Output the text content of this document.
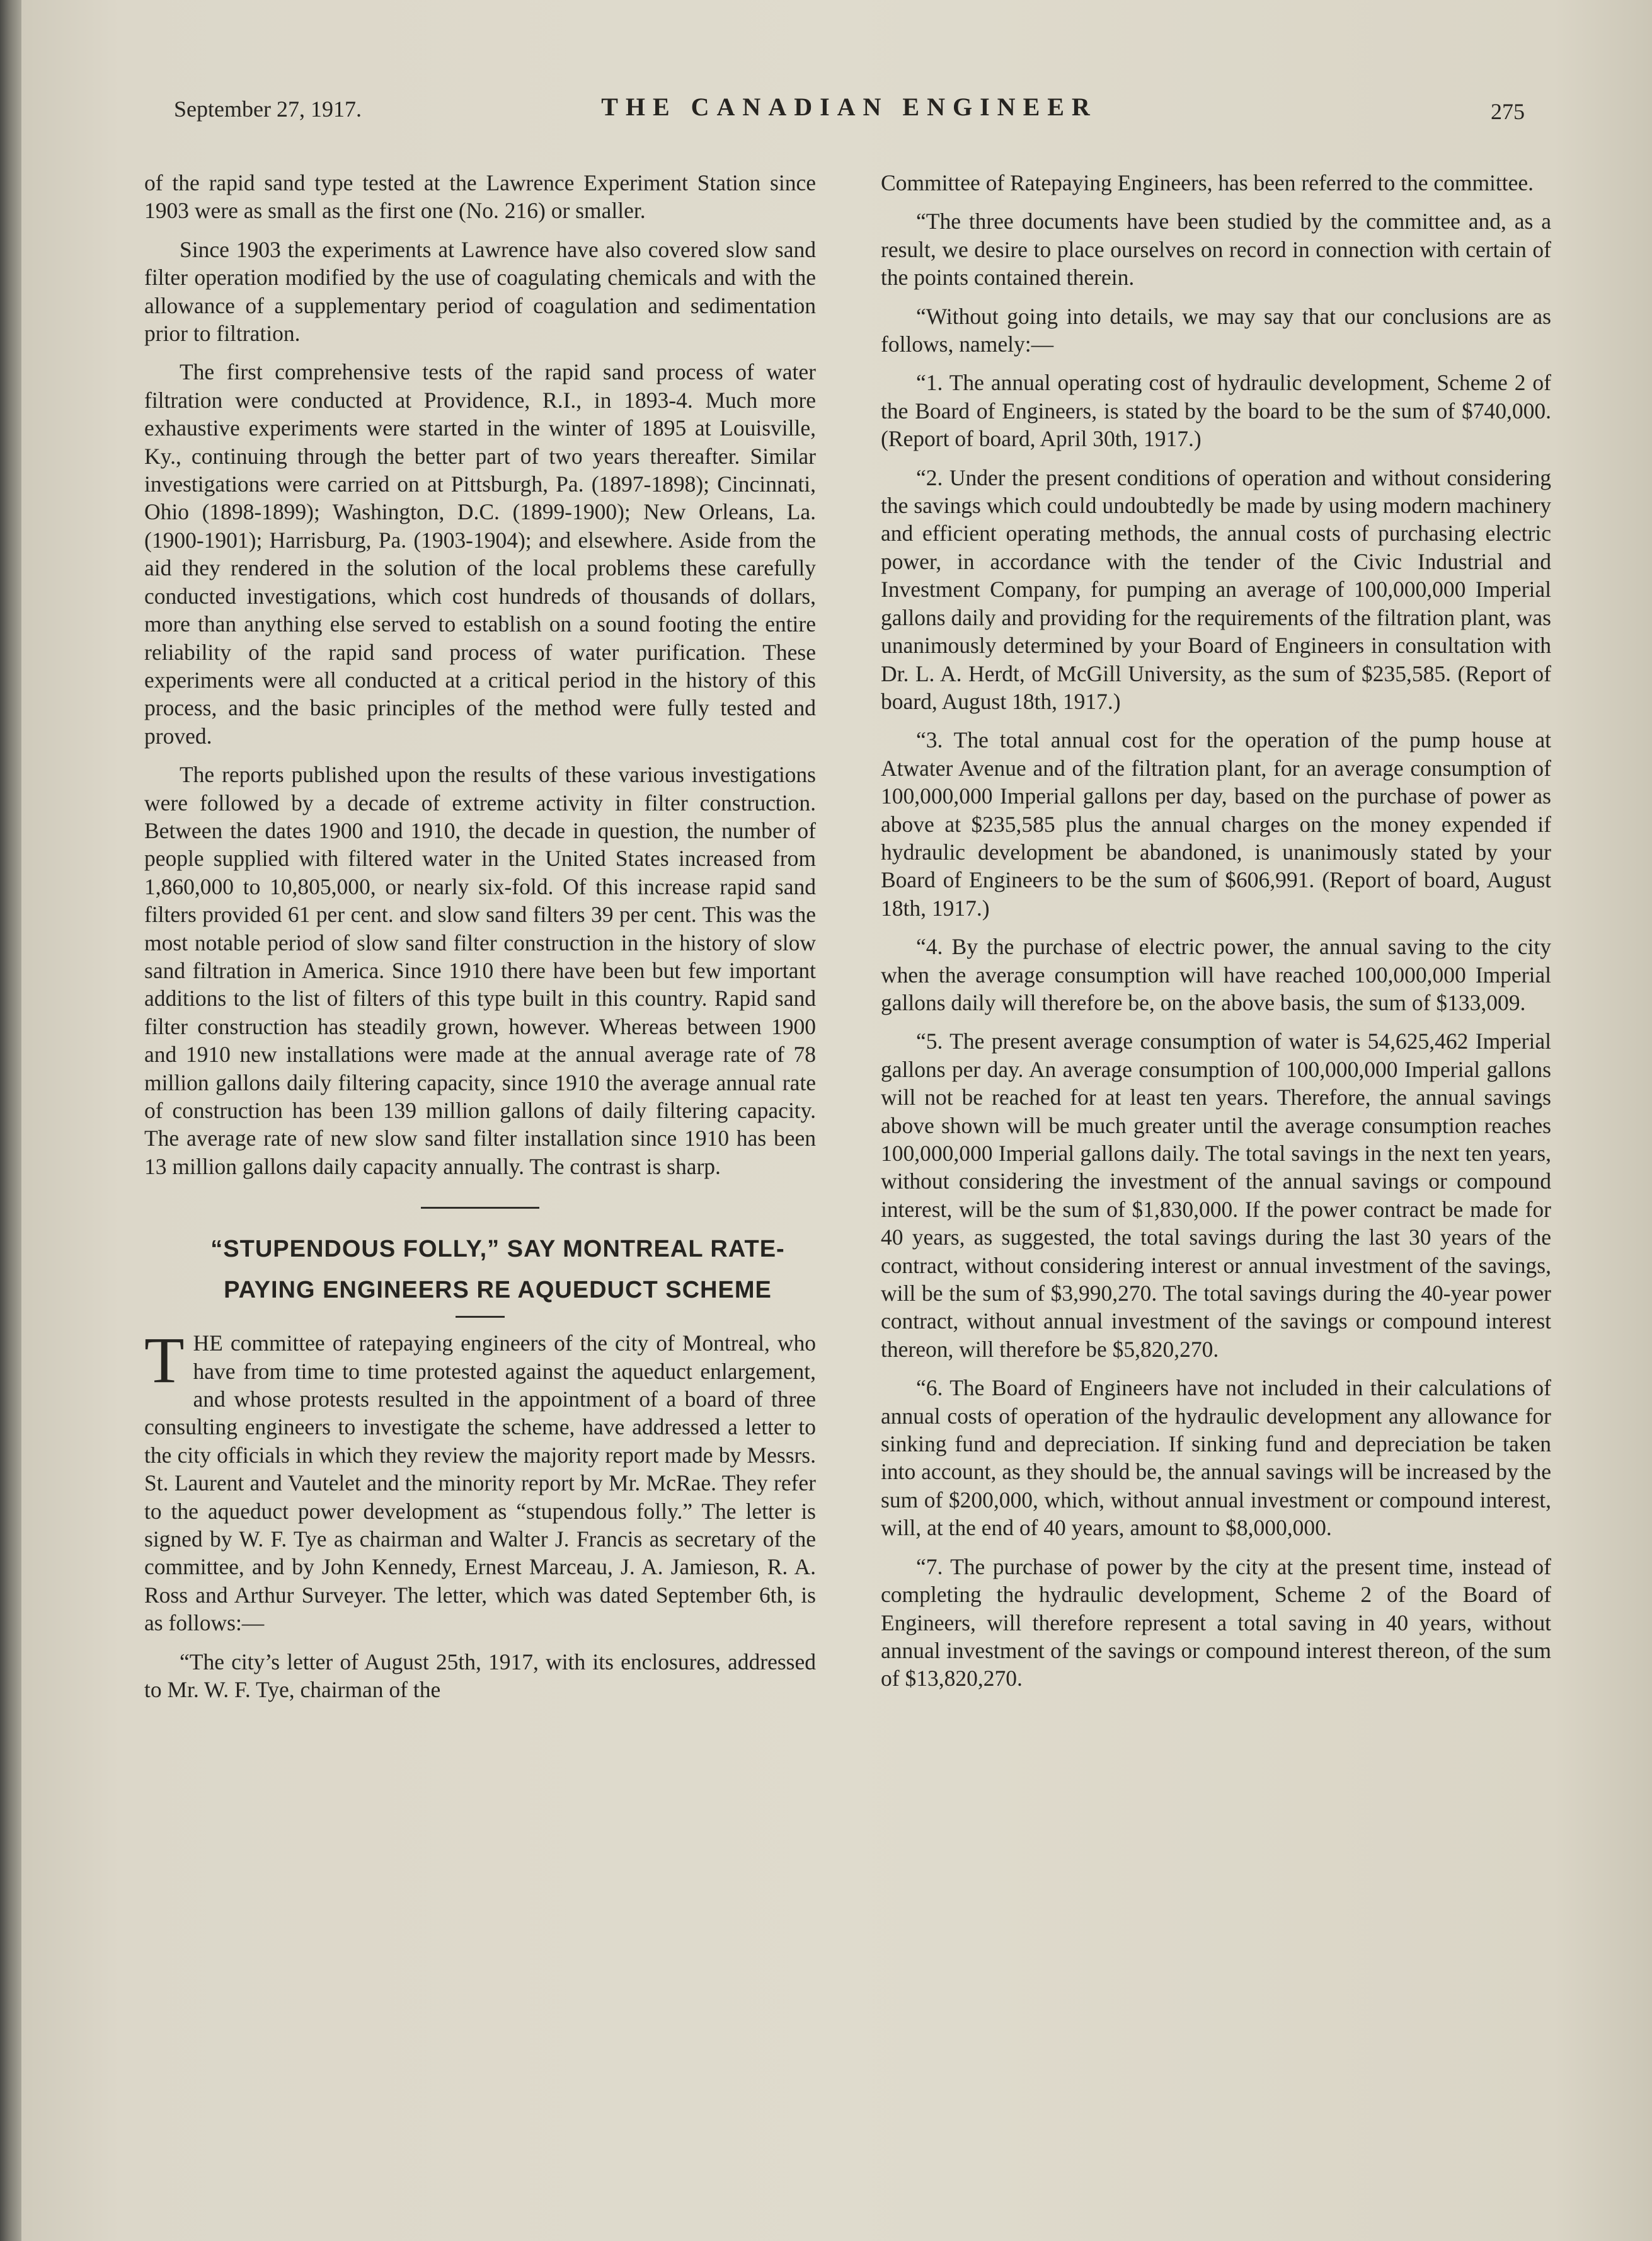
September 27, 1917.	THE CANADIAN ENGINEER	275

of the rapid sand type tested at the Lawrence Experiment Station since 1903 were as small as the first one (No. 216) or smaller.

Since 1903 the experiments at Lawrence have also covered slow sand filter operation modified by the use of coagulating chemicals and with the allowance of a supplementary period of coagulation and sedimentation prior to filtration.

The first comprehensive tests of the rapid sand process of water filtration were conducted at Providence, R.I., in 1893-4. Much more exhaustive experiments were started in the winter of 1895 at Louisville, Ky., continuing through the better part of two years thereafter. Similar investigations were carried on at Pittsburgh, Pa. (1897-1898); Cincinnati, Ohio (1898-1899); Washington, D.C. (1899-1900); New Orleans, La. (1900-1901); Harrisburg, Pa. (1903-1904); and elsewhere. Aside from the aid they rendered in the solution of the local problems these carefully conducted investigations, which cost hundreds of thousands of dollars, more than anything else served to establish on a sound footing the entire reliability of the rapid sand process of water purification. These experiments were all conducted at a critical period in the history of this process, and the basic principles of the method were fully tested and proved.

The reports published upon the results of these various investigations were followed by a decade of extreme activity in filter construction. Between the dates 1900 and 1910, the decade in question, the number of people supplied with filtered water in the United States increased from 1,860,000 to 10,805,000, or nearly six-fold. Of this increase rapid sand filters provided 61 per cent. and slow sand filters 39 per cent. This was the most notable period of slow sand filter construction in the history of slow sand filtration in America. Since 1910 there have been but few important additions to the list of filters of this type built in this country. Rapid sand filter construction has steadily grown, however. Whereas between 1900 and 1910 new installations were made at the annual average rate of 78 million gallons daily filtering capacity, since 1910 the average annual rate of construction has been 139 million gallons of daily filtering capacity. The average rate of new slow sand filter installation since 1910 has been 13 million gallons daily capacity annually. The contrast is sharp.

“STUPENDOUS FOLLY,” SAY MONTREAL RATE-

PAYING ENGINEERS RE AQUEDUCT SCHEME

THE committee of ratepaying engineers of the city of Montreal, who have from time to time protested against the aqueduct enlargement, and whose protests resulted in the appointment of a board of three consulting engineers to investigate the scheme, have addressed a letter to the city officials in which they review the majority report made by Messrs. St. Laurent and Vautelet and the minority report by Mr. McRae. They refer to the aqueduct power development as “stupendous folly.” The letter is signed by W. F. Tye as chairman and Walter J. Francis as secretary of the committee, and by John Kennedy, Ernest Marceau, J. A. Jamieson, R. A. Ross and Arthur Surveyer. The letter, which was dated September 6th, is as follows:—

“The city’s letter of August 25th, 1917, with its enclosures, addressed to Mr. W. F. Tye, chairman of the

Committee of Ratepaying Engineers, has been referred to the committee.

“The three documents have been studied by the committee and, as a result, we desire to place ourselves on record in connection with certain of the points contained therein.

“Without going into details, we may say that our conclusions are as follows, namely:—

“1. The annual operating cost of hydraulic development, Scheme 2 of the Board of Engineers, is stated by the board to be the sum of $740,000. (Report of board, April 30th, 1917.)

“2. Under the present conditions of operation and without considering the savings which could undoubtedly be made by using modern machinery and efficient operating methods, the annual costs of purchasing electric power, in accordance with the tender of the Civic Industrial and Investment Company, for pumping an average of 100,000,000 Imperial gallons daily and providing for the requirements of the filtration plant, was unanimously determined by your Board of Engineers in consultation with Dr. L. A. Herdt, of McGill University, as the sum of $235,585. (Report of board, August 18th, 1917.)

“3. The total annual cost for the operation of the pump house at Atwater Avenue and of the filtration plant, for an average consumption of 100,000,000 Imperial gallons per day, based on the purchase of power as above at $235,585 plus the annual charges on the money expended if hydraulic development be abandoned, is unanimously stated by your Board of Engineers to be the sum of $606,991. (Report of board, August 18th, 1917.)

“4. By the purchase of electric power, the annual saving to the city when the average consumption will have reached 100,000,000 Imperial gallons daily will therefore be, on the above basis, the sum of $133,009.

“5. The present average consumption of water is 54,625,462 Imperial gallons per day. An average consumption of 100,000,000 Imperial gallons will not be reached for at least ten years. Therefore, the annual savings above shown will be much greater until the average consumption reaches 100,000,000 Imperial gallons daily. The total savings in the next ten years, without considering the investment of the annual savings or compound interest, will be the sum of $1,830,000. If the power contract be made for 40 years, as suggested, the total savings during the last 30 years of the contract, without considering interest or annual investment of the savings, will be the sum of $3,990,270. The total savings during the 40-year power contract, without annual investment of the savings or compound interest thereon, will therefore be $5,820,270.

“6. The Board of Engineers have not included in their calculations of annual costs of operation of the hydraulic development any allowance for sinking fund and depreciation. If sinking fund and depreciation be taken into account, as they should be, the annual savings will be increased by the sum of $200,000, which, without annual investment or compound interest, will, at the end of 40 years, amount to $8,000,000.

“7. The purchase of power by the city at the present time, instead of completing the hydraulic development, Scheme 2 of the Board of Engineers, will therefore represent a total saving in 40 years, without annual investment of the savings or compound interest thereon, of the sum of $13,820,270.
